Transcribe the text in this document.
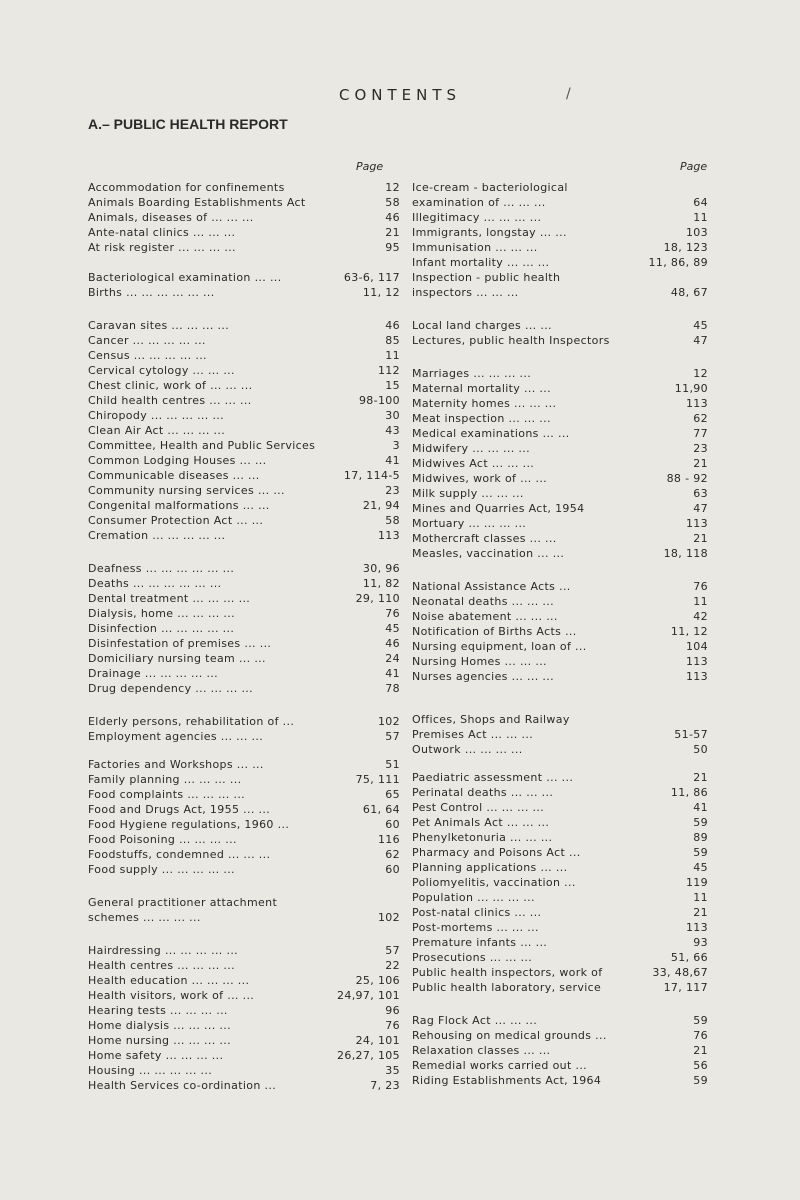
CONTENTS	/
A.– PUBLIC HEALTH REPORT
Page	Page
Accommodation for confinements	12
Animals Boarding Establishments Act	58
Animals, diseases of ... ... ...	46
Ante-natal clinics ... ... ...	21
At risk register ... ... ... ...	95
Bacteriological examination ... ...	63-6, 117
Births ... ... ... ... ... ...	11, 12
Caravan sites ... ... ... ...	46
Cancer ... ... ... ... ...	85
Census ... ... ... ... ...	11
Cervical cytology ... ... ...	112
Chest clinic, work of ... ... ...	15
Child health centres ... ... ...	98-100
Chiropody ... ... ... ... ...	30
Clean Air Act ... ... ... ...	43
Committee, Health and Public Services	3
Common Lodging Houses ... ...	41
Communicable diseases ... ...	17, 114-5
Community nursing services ... ...	23
Congenital malformations ... ...	21, 94
Consumer Protection Act ... ...	58
Cremation ... ... ... ... ...	113
Deafness ... ... ... ... ... ...	30, 96
Deaths ... ... ... ... ... ...	11, 82
Dental treatment ... ... ... ...	29, 110
Dialysis, home ... ... ... ...	76
Disinfection ... ... ... ... ...	45
Disinfestation of premises ... ...	46
Domiciliary nursing team ... ...	24
Drainage ... ... ... ... ...	41
Drug dependency ... ... ... ...	78
Elderly persons, rehabilitation of ...	102
Employment agencies ... ... ...	57
Factories and Workshops ... ...	51
Family planning ... ... ... ...	75, 111
Food complaints ... ... ... ...	65
Food and Drugs Act, 1955 ... ...	61, 64
Food Hygiene regulations, 1960 ...	60
Food Poisoning ... ... ... ...	116
Foodstuffs, condemned ... ... ...	62
Food supply ... ... ... ... ...	60
General practitioner attachment
schemes ... ... ... ...	102
Hairdressing ... ... ... ... ...	57
Health centres ... ... ... ...	22
Health education ... ... ... ...	25, 106
Health visitors, work of ... ...	24,97, 101
Hearing tests ... ... ... ...	96
Home dialysis ... ... ... ...	76
Home nursing ... ... ... ...	24, 101
Home safety ... ... ... ...	26,27, 105
Housing ... ... ... ... ...	35
Health Services co-ordination ...	7, 23
Ice-cream - bacteriological
examination of ... ... ...	64
Illegitimacy ... ... ... ...	11
Immigrants, longstay ... ...	103
Immunisation ... ... ...	18, 123
Infant mortality ... ... ...	11, 86, 89
Inspection - public health
inspectors ... ... ...	48, 67
Local land charges ... ...	45
Lectures, public health Inspectors	47
Marriages ... ... ... ...	12
Maternal mortality ... ...	11,90
Maternity homes ... ... ...	113
Meat inspection ... ... ...	62
Medical examinations ... ...	77
Midwifery ... ... ... ...	23
Midwives Act ... ... ...	21
Midwives, work of ... ...	88 - 92
Milk supply ... ... ...	63
Mines and Quarries Act, 1954	47
Mortuary ... ... ... ...	113
Mothercraft classes ... ...	21
Measles, vaccination ... ...	18, 118
National Assistance Acts ...	76
Neonatal deaths ... ... ...	11
Noise abatement ... ... ...	42
Notification of Births Acts ...	11, 12
Nursing equipment, loan of ...	104
Nursing Homes ... ... ...	113
Nurses agencies ... ... ...	113
Offices, Shops and Railway
Premises Act ... ... ...	51-57
Outwork ... ... ... ...	50
Paediatric assessment ... ...	21
Perinatal deaths ... ... ...	11, 86
Pest Control ... ... ... ...	41
Pet Animals Act ... ... ...	59
Phenylketonuria ... ... ...	89
Pharmacy and Poisons Act ...	59
Planning applications ... ...	45
Poliomyelitis, vaccination ...	119
Population ... ... ... ...	11
Post-natal clinics ... ...	21
Post-mortems ... ... ...	113
Premature infants ... ...	93
Prosecutions ... ... ...	51, 66
Public health inspectors, work of	33, 48,67
Public health laboratory, service	17, 117
Rag Flock Act ... ... ...	59
Rehousing on medical grounds ...	76
Relaxation classes ... ...	21
Remedial works carried out ...	56
Riding Establishments Act, 1964	59
